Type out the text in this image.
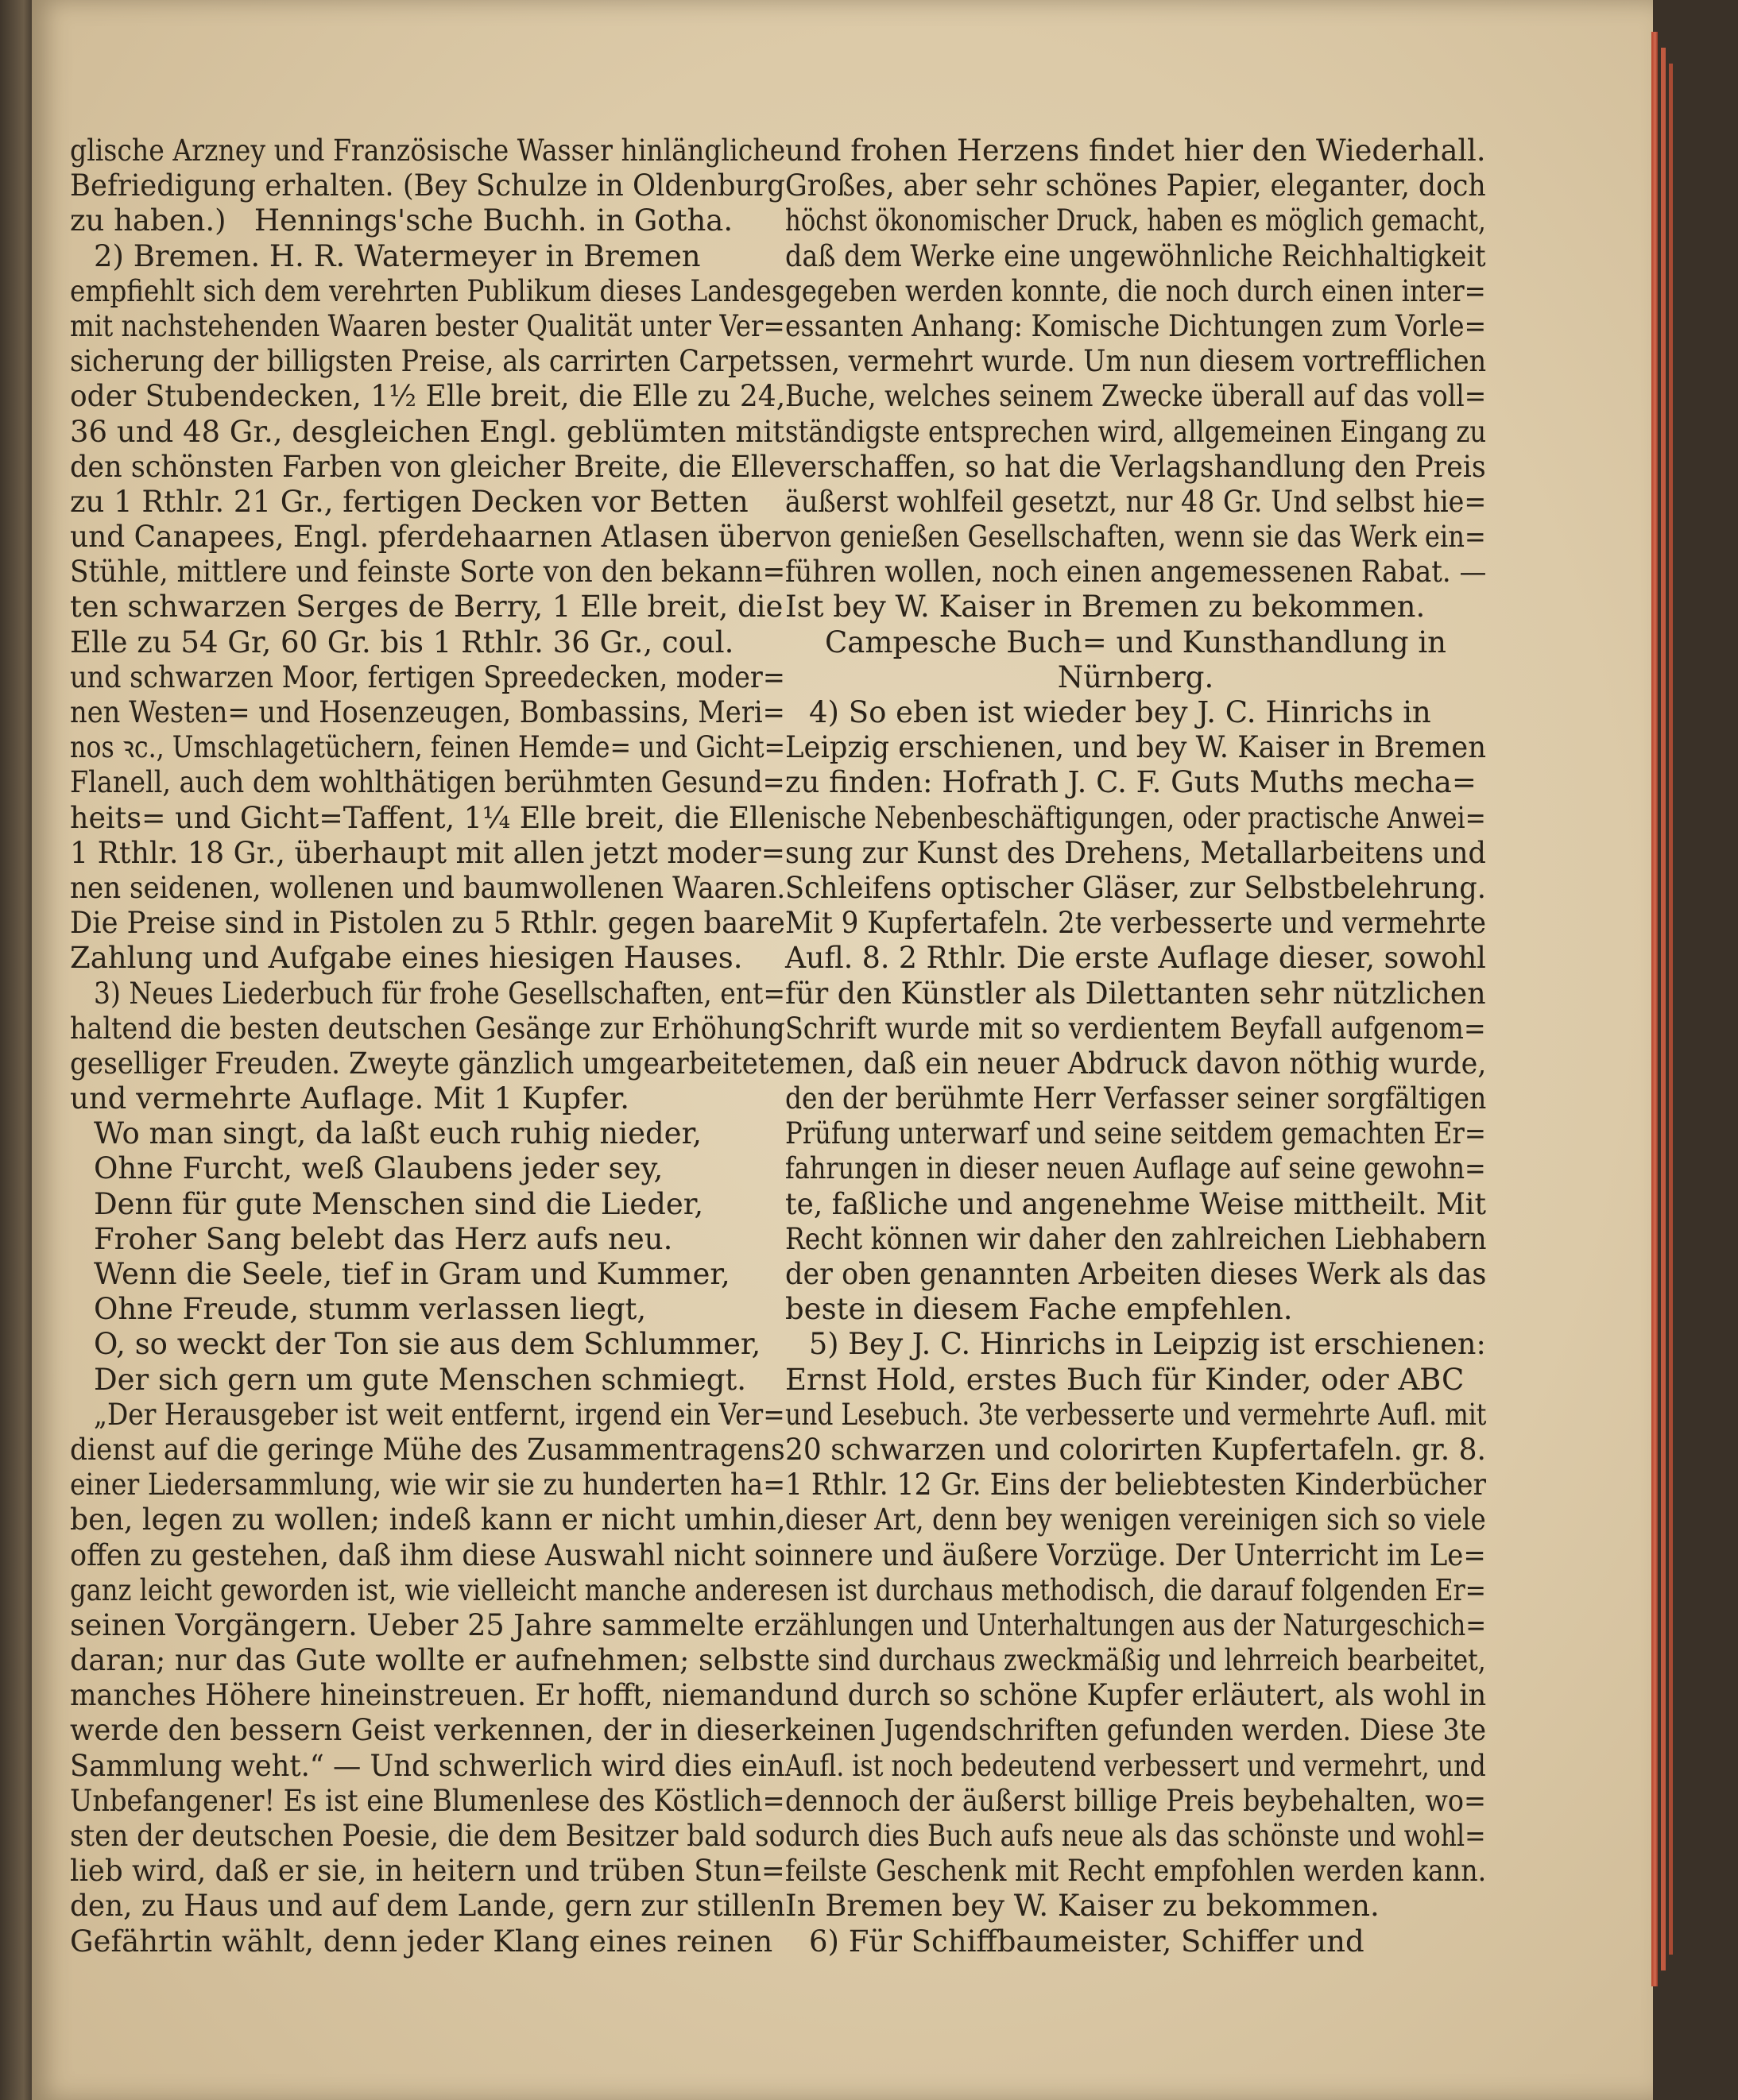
glische Arzney und Französische Wasser hinlängliche
Befriedigung erhalten. (Bey Schulze in Oldenburg
zu haben.)   Hennings'sche Buchh. in Gotha.
2) Bremen. H. R. Watermeyer in Bremen
empfiehlt sich dem verehrten Publikum dieses Landes
mit nachstehenden Waaren bester Qualität unter Ver=
sicherung der billigsten Preise, als carrirten Carpets
oder Stubendecken, 1½ Elle breit, die Elle zu 24,
36 und 48 Gr., desgleichen Engl. geblümten mit
den schönsten Farben von gleicher Breite, die Elle
zu 1 Rthlr. 21 Gr., fertigen Decken vor Betten
und Canapees, Engl. pferdehaarnen Atlasen über
Stühle, mittlere und feinste Sorte von den bekann=
ten schwarzen Serges de Berry, 1 Elle breit, die
Elle zu 54 Gr, 60 Gr. bis 1 Rthlr. 36 Gr., coul.
und schwarzen Moor, fertigen Spreedecken, moder=
nen Westen= und Hosenzeugen, Bombassins, Meri=
nos ꝛc., Umschlagetüchern, feinen Hemde= und Gicht=
Flanell, auch dem wohlthätigen berühmten Gesund=
heits= und Gicht=Taffent, 1¼ Elle breit, die Elle
1 Rthlr. 18 Gr., überhaupt mit allen jetzt moder=
nen seidenen, wollenen und baumwollenen Waaren.
Die Preise sind in Pistolen zu 5 Rthlr. gegen baare
Zahlung und Aufgabe eines hiesigen Hauses.
3) Neues Liederbuch für frohe Gesellschaften, ent=
haltend die besten deutschen Gesänge zur Erhöhung
geselliger Freuden. Zweyte gänzlich umgearbeitete
und vermehrte Auflage. Mit 1 Kupfer.
Wo man singt, da laßt euch ruhig nieder,
Ohne Furcht, weß Glaubens jeder sey,
Denn für gute Menschen sind die Lieder,
Froher Sang belebt das Herz aufs neu.
Wenn die Seele, tief in Gram und Kummer,
Ohne Freude, stumm verlassen liegt,
O, so weckt der Ton sie aus dem Schlummer,
Der sich gern um gute Menschen schmiegt.
„Der Herausgeber ist weit entfernt, irgend ein Ver=
dienst auf die geringe Mühe des Zusammentragens
einer Liedersammlung, wie wir sie zu hunderten ha=
ben, legen zu wollen; indeß kann er nicht umhin,
offen zu gestehen, daß ihm diese Auswahl nicht so
ganz leicht geworden ist, wie vielleicht manche andere
seinen Vorgängern. Ueber 25 Jahre sammelte er
daran; nur das Gute wollte er aufnehmen; selbst
manches Höhere hineinstreuen. Er hofft, niemand
werde den bessern Geist verkennen, der in dieser
Sammlung weht.“ — Und schwerlich wird dies ein
Unbefangener! Es ist eine Blumenlese des Köstlich=
sten der deutschen Poesie, die dem Besitzer bald so
lieb wird, daß er sie, in heitern und trüben Stun=
den, zu Haus und auf dem Lande, gern zur stillen
Gefährtin wählt, denn jeder Klang eines reinen
und frohen Herzens findet hier den Wiederhall.
Großes, aber sehr schönes Papier, eleganter, doch
höchst ökonomischer Druck, haben es möglich gemacht,
daß dem Werke eine ungewöhnliche Reichhaltigkeit
gegeben werden konnte, die noch durch einen inter=
essanten Anhang: Komische Dichtungen zum Vorle=
sen, vermehrt wurde. Um nun diesem vortrefflichen
Buche, welches seinem Zwecke überall auf das voll=
ständigste entsprechen wird, allgemeinen Eingang zu
verschaffen, so hat die Verlagshandlung den Preis
äußerst wohlfeil gesetzt, nur 48 Gr. Und selbst hie=
von genießen Gesellschaften, wenn sie das Werk ein=
führen wollen, noch einen angemessenen Rabat. —
Ist bey W. Kaiser in Bremen zu bekommen.
Campesche Buch= und Kunsthandlung in
Nürnberg.
4) So eben ist wieder bey J. C. Hinrichs in
Leipzig erschienen, und bey W. Kaiser in Bremen
zu finden: Hofrath J. C. F. Guts Muths mecha=
nische Nebenbeschäftigungen, oder practische Anwei=
sung zur Kunst des Drehens, Metallarbeitens und
Schleifens optischer Gläser, zur Selbstbelehrung.
Mit 9 Kupfertafeln. 2te verbesserte und vermehrte
Aufl. 8. 2 Rthlr. Die erste Auflage dieser, sowohl
für den Künstler als Dilettanten sehr nützlichen
Schrift wurde mit so verdientem Beyfall aufgenom=
men, daß ein neuer Abdruck davon nöthig wurde,
den der berühmte Herr Verfasser seiner sorgfältigen
Prüfung unterwarf und seine seitdem gemachten Er=
fahrungen in dieser neuen Auflage auf seine gewohn=
te, faßliche und angenehme Weise mittheilt. Mit
Recht können wir daher den zahlreichen Liebhabern
der oben genannten Arbeiten dieses Werk als das
beste in diesem Fache empfehlen.
5) Bey J. C. Hinrichs in Leipzig ist erschienen:
Ernst Hold, erstes Buch für Kinder, oder ABC
und Lesebuch. 3te verbesserte und vermehrte Aufl. mit
20 schwarzen und colorirten Kupfertafeln. gr. 8.
1 Rthlr. 12 Gr. Eins der beliebtesten Kinderbücher
dieser Art, denn bey wenigen vereinigen sich so viele
innere und äußere Vorzüge. Der Unterricht im Le=
sen ist durchaus methodisch, die darauf folgenden Er=
zählungen und Unterhaltungen aus der Naturgeschich=
te sind durchaus zweckmäßig und lehrreich bearbeitet,
und durch so schöne Kupfer erläutert, als wohl in
keinen Jugendschriften gefunden werden. Diese 3te
Aufl. ist noch bedeutend verbessert und vermehrt, und
dennoch der äußerst billige Preis beybehalten, wo=
durch dies Buch aufs neue als das schönste und wohl=
feilste Geschenk mit Recht empfohlen werden kann.
In Bremen bey W. Kaiser zu bekommen.
6) Für Schiffbaumeister, Schiffer und
